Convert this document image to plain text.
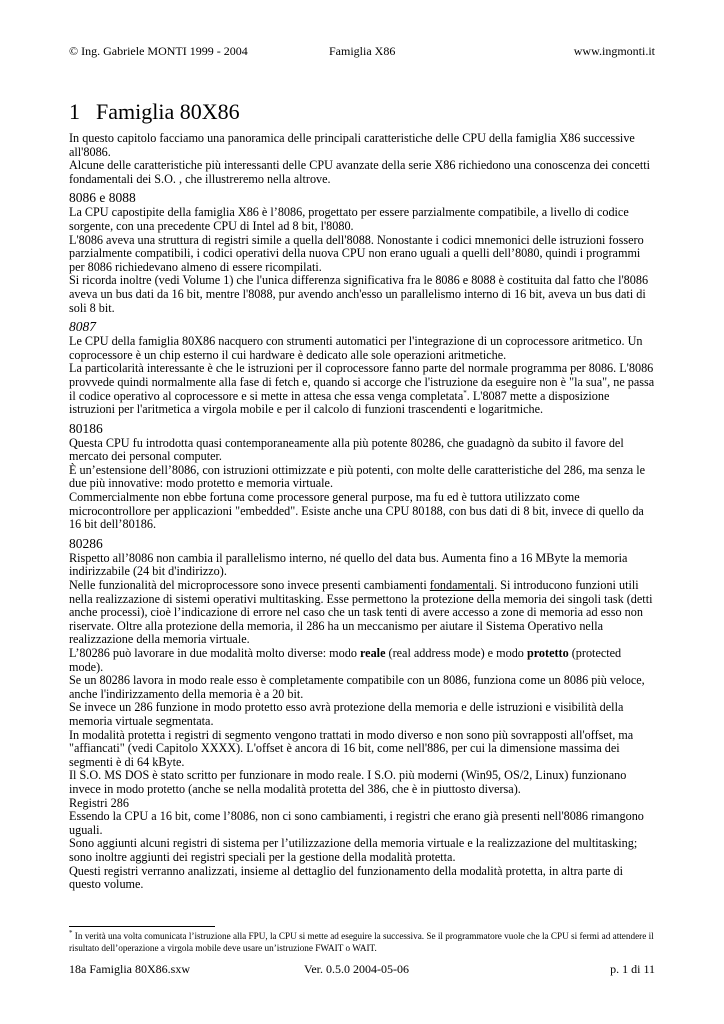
© Ing. Gabriele MONTI 1999 - 2004	Famiglia X86	www.ingmonti.it
1 Famiglia 80X86

In questo capitolo facciamo una panoramica delle principali caratteristiche delle CPU della famiglia X86 successive all'8086.

Alcune delle caratteristiche più interessanti delle CPU avanzate della serie X86 richiedono una conoscenza dei concetti fondamentali dei S.O. , che illustreremo nella altrove.

8086 e 8088

La CPU capostipite della famiglia X86 è l’8086, progettato per essere parzialmente compatibile, a livello di codice sorgente, con una precedente CPU di Intel ad 8 bit, l'8080.

L'8086 aveva una struttura di registri simile a quella dell'8088. Nonostante i codici mnemonici delle istruzioni fossero parzialmente compatibili, i codici operativi della nuova CPU non erano uguali a quelli dell’8080, quindi i programmi per 8086 richiedevano almeno di essere ricompilati.

Si ricorda inoltre (vedi Volume 1) che l'unica differenza significativa fra le 8086 e 8088 è costituita dal fatto che l'8086 aveva un bus dati da 16 bit, mentre l'8088, pur avendo anch'esso un parallelismo interno di 16 bit, aveva un bus dati di soli 8 bit.

8087

Le CPU della famiglia 80X86 nacquero con strumenti automatici per l'integrazione di un coprocessore aritmetico. Un coprocessore è un chip esterno il cui hardware è dedicato alle sole operazioni aritmetiche.

La particolarità interessante è che le istruzioni per il coprocessore fanno parte del normale programma per 8086. L'8086 provvede quindi normalmente alla fase di fetch e, quando si accorge che l'istruzione da eseguire non è "la sua", ne passa il codice operativo al coprocessore e si mette in attesa che essa venga completata*. L'8087 mette a disposizione istruzioni per l'aritmetica a virgola mobile e per il calcolo di funzioni trascendenti e logaritmiche.

80186

Questa CPU fu introdotta quasi contemporaneamente alla più potente 80286, che guadagnò da subito il favore del mercato dei personal computer.

È un’estensione dell’8086, con istruzioni ottimizzate e più potenti, con molte delle caratteristiche del 286, ma senza le due più innovative: modo protetto e memoria virtuale.

Commercialmente non ebbe fortuna come processore general purpose, ma fu ed è tuttora utilizzato come microcontrollore per applicazioni "embedded". Esiste anche una CPU 80188, con bus dati di 8 bit, invece di quello da 16 bit dell’80186.

80286

Rispetto all’8086 non cambia il parallelismo interno, né quello del data bus. Aumenta fino a 16 MByte la memoria indirizzabile (24 bit d'indirizzo).

Nelle funzionalità del microprocessore sono invece presenti cambiamenti fondamentali. Si introducono funzioni utili nella realizzazione di sistemi operativi multitasking. Esse permettono la protezione della memoria dei singoli task (detti anche processi), cioè l’indicazione di errore nel caso che un task tenti di avere accesso a zone di memoria ad esso non riservate. Oltre alla protezione della memoria, il 286 ha un meccanismo per aiutare il Sistema Operativo nella realizzazione della memoria virtuale.

L’80286 può lavorare in due modalità molto diverse: modo reale (real address mode) e modo protetto (protected mode).

Se un 80286 lavora in modo reale esso è completamente compatibile con un 8086, funziona come un 8086 più veloce, anche l'indirizzamento della memoria è a 20 bit.

Se invece un 286 funzione in modo protetto esso avrà protezione della memoria e delle istruzioni e visibilità della memoria virtuale segmentata.

In modalità protetta i registri di segmento vengono trattati in modo diverso e non sono più sovrapposti all'offset, ma "affiancati" (vedi Capitolo XXXX). L'offset è ancora di 16 bit, come nell'886, per cui la dimensione massima dei segmenti è di 64 kByte.

Il S.O. MS DOS è stato scritto per funzionare in modo reale. I S.O. più moderni (Win95, OS/2, Linux) funzionano invece in modo protetto (anche se nella modalità protetta del 386, che è in piuttosto diversa).

Registri 286

Essendo la CPU a 16 bit, come l’8086, non ci sono cambiamenti, i registri che erano già presenti nell'8086 rimangono uguali.

Sono aggiunti alcuni registri di sistema per l’utilizzazione della memoria virtuale e la realizzazione del multitasking; sono inoltre aggiunti dei registri speciali per la gestione della modalità protetta.

Questi registri verranno analizzati, insieme al dettaglio del funzionamento della modalità protetta, in altra parte di questo volume.

* In verità una volta comunicata l’istruzione alla FPU, la CPU si mette ad eseguire la successiva. Se il programmatore vuole che la CPU si fermi ad attendere il risultato dell’operazione a virgola mobile deve usare un’istruzione FWAIT o WAIT.
18a Famiglia 80X86.sxw	Ver. 0.5.0 2004-05-06	p. 1 di 11
